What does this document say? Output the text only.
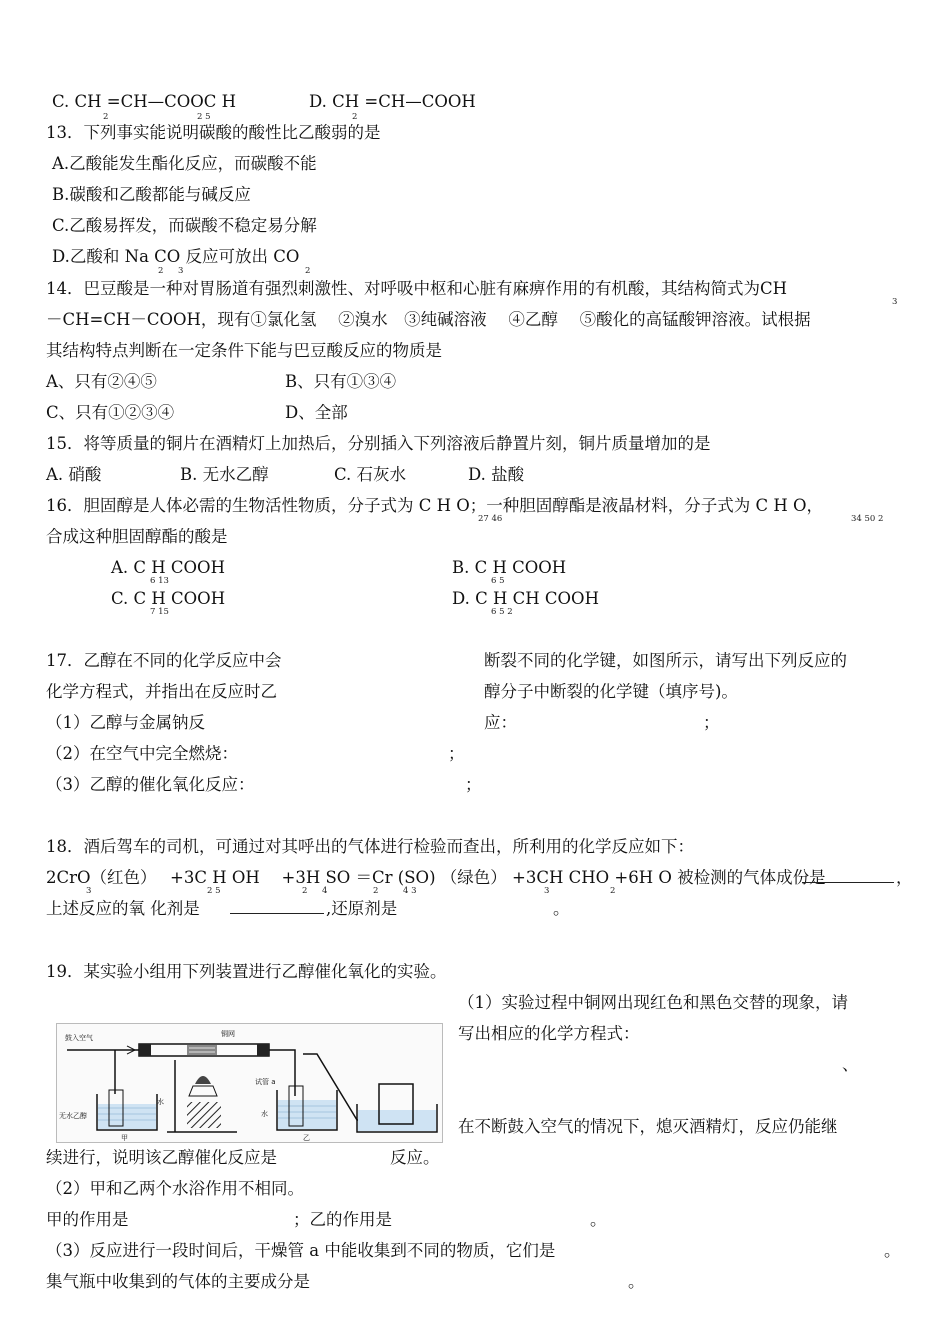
C. CH =CH—COOC H
2	2 5
D. CH =CH—COOH
2
13．下列事实能说明碳酸的酸性比乙酸弱的是
A.乙酸能发生酯化反应，而碳酸不能
B.碳酸和乙酸都能与碱反应
C.乙酸易挥发，而碳酸不稳定易分解
D.乙酸和 Na CO 反应可放出 CO
2 3	2
14．巴豆酸是一种对胃肠道有强烈刺激性、对呼吸中枢和心脏有麻痹作用的有机酸，其结构简式为CH
3
－CH=CH－COOH，现有①氯化氢　 ②溴水　③纯碱溶液　 ④乙醇　 ⑤酸化的高锰酸钾溶液。试根据
其结构特点判断在一定条件下能与巴豆酸反应的物质是
A、只有②④⑤	B、只有①③④
C、只有①②③④	D、全部
15．将等质量的铜片在酒精灯上加热后，分别插入下列溶液后静置片刻，铜片质量增加的是
A. 硝酸	B. 无水乙醇	C. 石灰水	D. 盐酸
16．胆固醇是人体必需的生物活性物质，分子式为 C H O；一种胆固醇酯是液晶材料，分子式为 C H O，
27 46	34 50 2
合成这种胆固醇酯的酸是
A. C H COOH
6 13
B. C H COOH
6 5
C. C H COOH
7 15
D. C H CH COOH
6 5 2
17．乙醇在不同的化学反应中会	断裂不同的化学键，如图所示，请写出下列反应的
化学方程式，并指出在反应时乙	醇分子中断裂的化学键（填序号)。
（1）乙醇与金属钠反	应：	；
（2）在空气中完全燃烧：	；
（3）乙醇的催化氧化反应：	；
18．酒后驾车的司机，可通过对其呼出的气体进行检验而查出，所利用的化学反应如下：
2CrO（红色）　 +3C H OH　 +3H SO ＝Cr (SO) （绿色） +3CH CHO +6H O 被检测的气体成份是
3	2 5	2 4	2	4 3	3	2
，
上述反应的氧 化剂是	,还原剂是	。
19．某实验小组用下列装置进行乙醇催化氧化的实验。
鼓入空气	铜网
试管 a
无水乙醇
水
水
甲	乙
（1）实验过程中铜网出现红色和黑色交替的现象，请
写出相应的化学方程式：
、
在不断鼓入空气的情况下，熄灭酒精灯，反应仍能继
续进行，说明该乙醇催化反应是	反应。
（2）甲和乙两个水浴作用不相同。
甲的作用是	；乙的作用是	。
（3）反应进行一段时间后，干燥管 a 中能收集到不同的物质，它们是	。
集气瓶中收集到的气体的主要成分是	。
